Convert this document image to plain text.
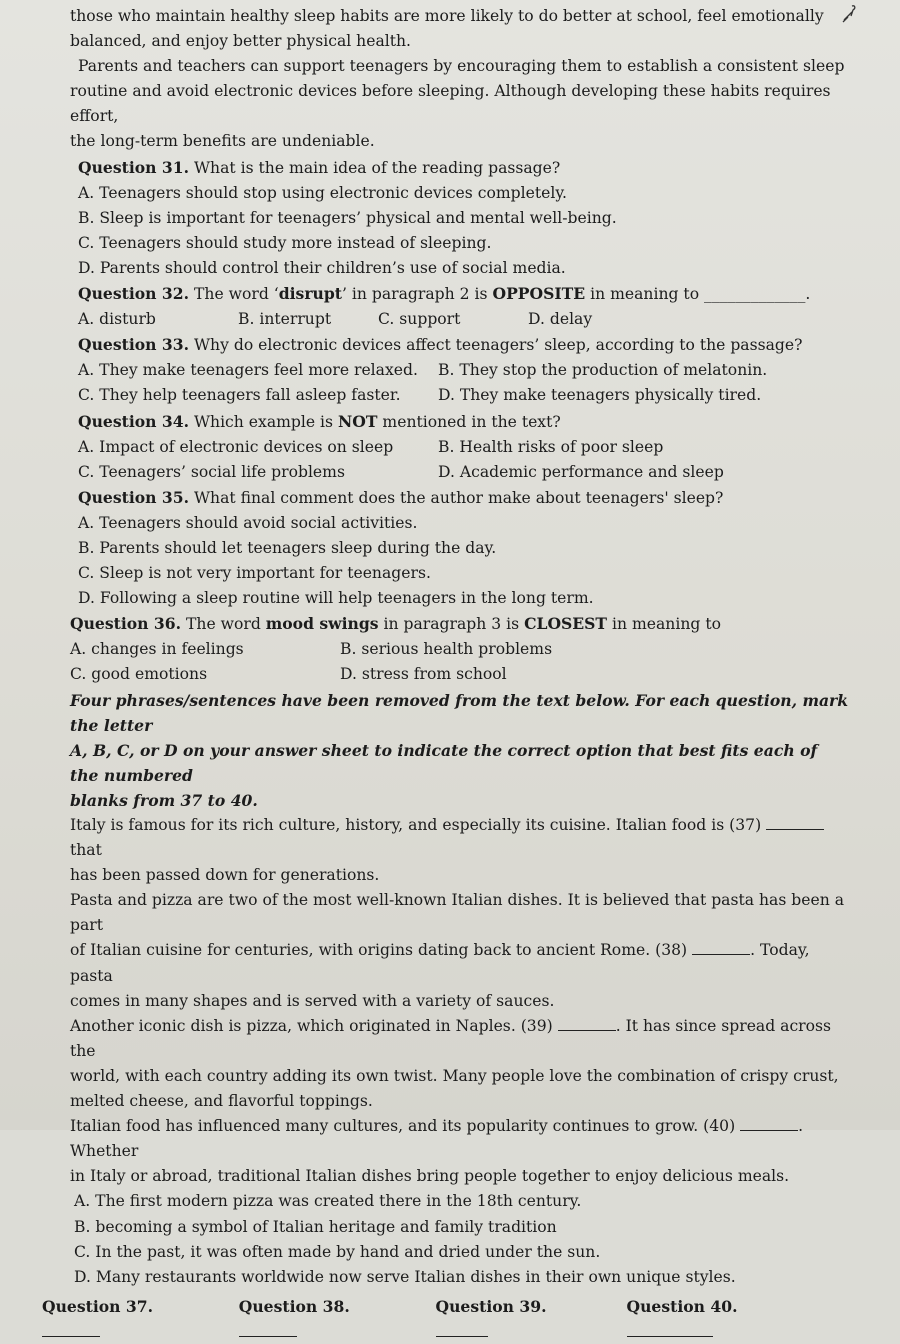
those who maintain healthy sleep habits are more likely to do better at school, feel emotionally

balanced, and enjoy better physical health.

Parents and teachers can support teenagers by encouraging them to establish a consistent sleep

routine and avoid electronic devices before sleeping. Although developing these habits requires effort,

the long-term benefits are undeniable.

Question 31. What is the main idea of the reading passage?

A. Teenagers should stop using electronic devices completely.

B. Sleep is important for teenagers’ physical and mental well-being.

C. Teenagers should study more instead of sleeping.

D. Parents should control their children’s use of social media.

Question 32. The word ‘disrupt’ in paragraph 2 is OPPOSITE in meaning to _____________.

A. disturb	B. interrupt	C. support	D. delay

Question 33. Why do electronic devices affect teenagers’ sleep, according to the passage?

A. They make teenagers feel more relaxed.	B. They stop the production of melatonin.
C. They help teenagers fall asleep faster.	D. They make teenagers physically tired.

Question 34. Which example is NOT mentioned in the text?

A. Impact of electronic devices on sleep	B. Health risks of poor sleep
C. Teenagers’ social life problems	D. Academic performance and sleep

Question 35. What final comment does the author make about teenagers' sleep?

A. Teenagers should avoid social activities.

B. Parents should let teenagers sleep during the day.

C. Sleep is not very important for teenagers.

D. Following a sleep routine will help teenagers in the long term.

Question 36. The word mood swings in paragraph 3 is CLOSEST in meaning to

A. changes in feelings	B. serious health problems
C. good emotions	D. stress from school

Four phrases/sentences have been removed from the text below. For each question, mark the letter

A, B, C, or D on your answer sheet to indicate the correct option that best fits each of the numbered

blanks from 37 to 40.

Italy is famous for its rich culture, history, and especially its cuisine. Italian food is (37)  that

has been passed down for generations.

Pasta and pizza are two of the most well-known Italian dishes. It is believed that pasta has been a part

of Italian cuisine for centuries, with origins dating back to ancient Rome. (38)	. Today, pasta

comes in many shapes and is served with a variety of sauces.

Another iconic dish is pizza, which originated in Naples. (39)	. It has since spread across the

world, with each country adding its own twist. Many people love the combination of crispy crust,

melted cheese, and flavorful toppings.

Italian food has influenced many cultures, and its popularity continues to grow. (40)	. Whether

in Italy or abroad, traditional Italian dishes bring people together to enjoy delicious meals.

A. The first modern pizza was created there in the 18th century.

B. becoming a symbol of Italian heritage and family tradition

C. In the past, it was often made by hand and dried under the sun.

D. Many restaurants worldwide now serve Italian dishes in their own unique styles.

Question 37.	Question 38.	Question 39.	Question 40.
